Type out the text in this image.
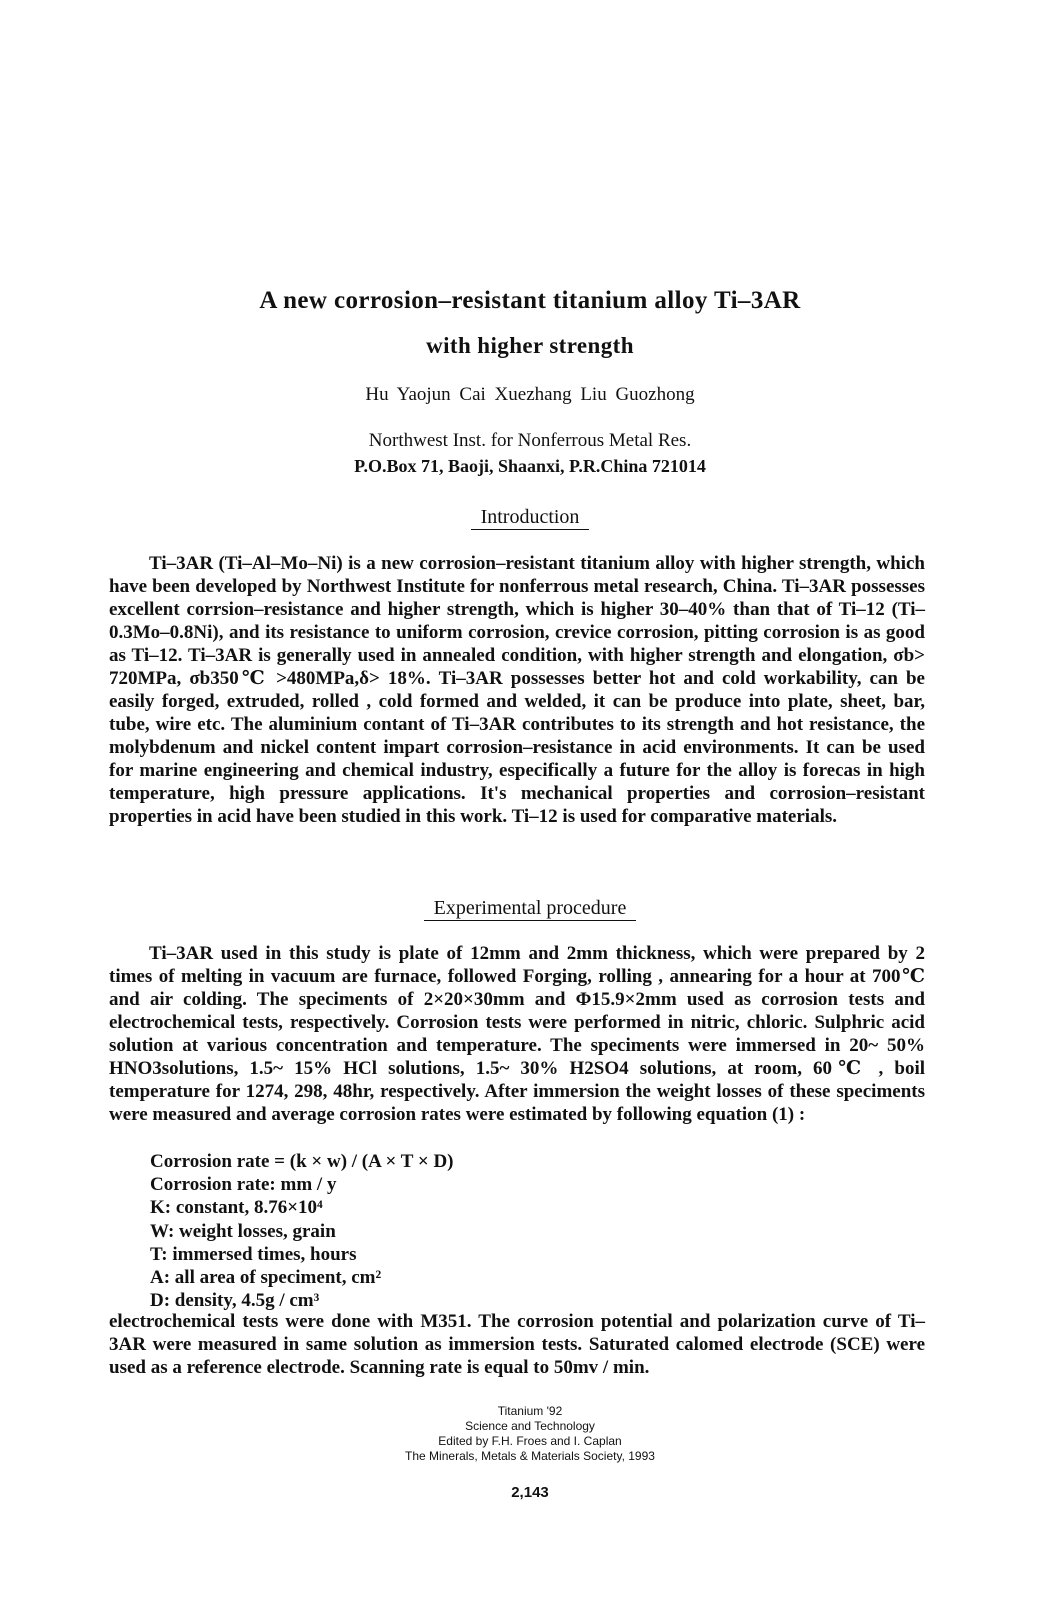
A new corrosion–resistant titanium alloy Ti–3AR
with higher strength
Hu Yaojun Cai Xuezhang Liu Guozhong
Northwest Inst. for Nonferrous Metal Res.
P.O.Box 71, Baoji, Shaanxi, P.R.China 721014
Introduction

Ti–3AR (Ti–Al–Mo–Ni) is a new corrosion–resistant titanium alloy with higher strength, which have been developed by Northwest Institute for nonferrous metal research, China. Ti–3AR possesses excellent corrsion–resistance and higher strength, which is higher 30–40% than that of Ti–12 (Ti–0.3Mo–0.8Ni), and its resistance to uniform corrosion, crevice corrosion, pitting corrosion is as good as Ti–12. Ti–3AR is generally used in annealed condition, with higher strength and elongation, σb> 720MPa, σb350℃ >480MPa,δ> 18%. Ti–3AR possesses better hot and cold workability, can be easily forged, extruded, rolled , cold formed and welded, it can be produce into plate, sheet, bar, tube, wire etc. The aluminium contant of Ti–3AR contributes to its strength and hot resistance, the molybdenum and nickel content impart corrosion–resistance in acid environments. It can be used for marine engineering and chemical industry, especifically a future for the alloy is forecas in high temperature, high pressure applications. It's mechanical properties and corrosion–resistant properties in acid have been studied in this work. Ti–12 is used for comparative materials.

Experimental procedure

Ti–3AR used in this study is plate of 12mm and 2mm thickness, which were prepared by 2 times of melting in vacuum are furnace, followed Forging, rolling , annearing for a hour at 700℃ and air colding. The speciments of 2×20×30mm and Φ15.9×2mm used as corrosion tests and electrochemical tests, respectively. Corrosion tests were performed in nitric, chloric. Sulphric acid solution at various concentration and temperature. The speciments were immersed in 20~ 50% HNO3solutions, 1.5~ 15% HCl solutions, 1.5~ 30% H2SO4 solutions, at room, 60℃ , boil temperature for 1274, 298, 48hr, respectively. After immersion the weight losses of these speciments were measured and average corrosion rates were estimated by following equation (1) :

Corrosion rate = (k × w) / (A × T × D)
Corrosion rate: mm / y
K: constant, 8.76×10⁴
W: weight losses, grain
T: immersed times, hours
A: all area of speciment, cm²
D: density, 4.5g / cm³

electrochemical tests were done with M351. The corrosion potential and polarization curve of Ti–3AR were measured in same solution as immersion tests. Saturated calomed electrode (SCE) were used as a reference electrode. Scanning rate is equal to 50mv / min.

Titanium '92
Science and Technology
Edited by F.H. Froes and I. Caplan
The Minerals, Metals & Materials Society, 1993
2,143
